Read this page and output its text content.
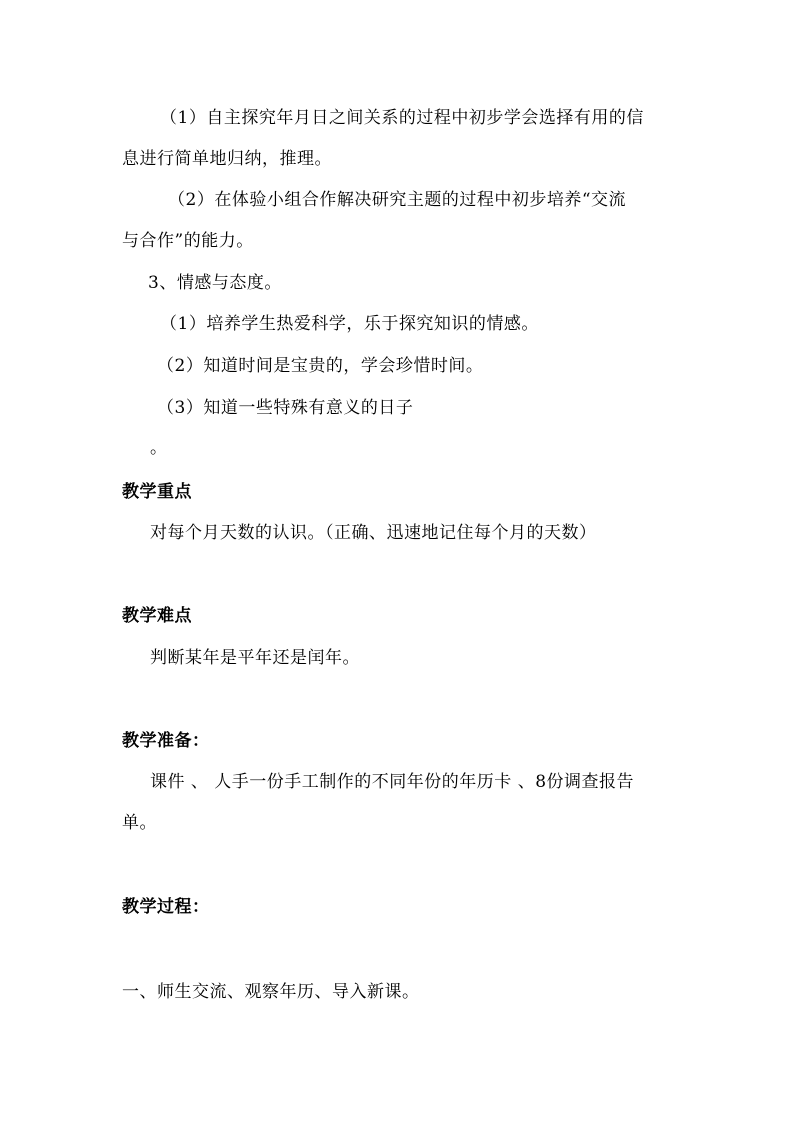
（1）自主探究年月日之间关系的过程中初步学会选择有用的信
息进行简单地归纳，推理。
（2）在体验小组合作解决研究主题的过程中初步培养“交流
与合作”的能力。
3、情感与态度。
（1）培养学生热爱科学，乐于探究知识的情感。
（2）知道时间是宝贵的，学会珍惜时间。
（3）知道一些特殊有意义的日子
。
教学重点
对每个月天数的认识。（正确、迅速地记住每个月的天数）
教学难点
判断某年是平年还是闰年。
教学准备：
课件 、 人手一份手工制作的不同年份的年历卡 、8份调查报告
单。
教学过程：
一、师生交流、观察年历、导入新课。
